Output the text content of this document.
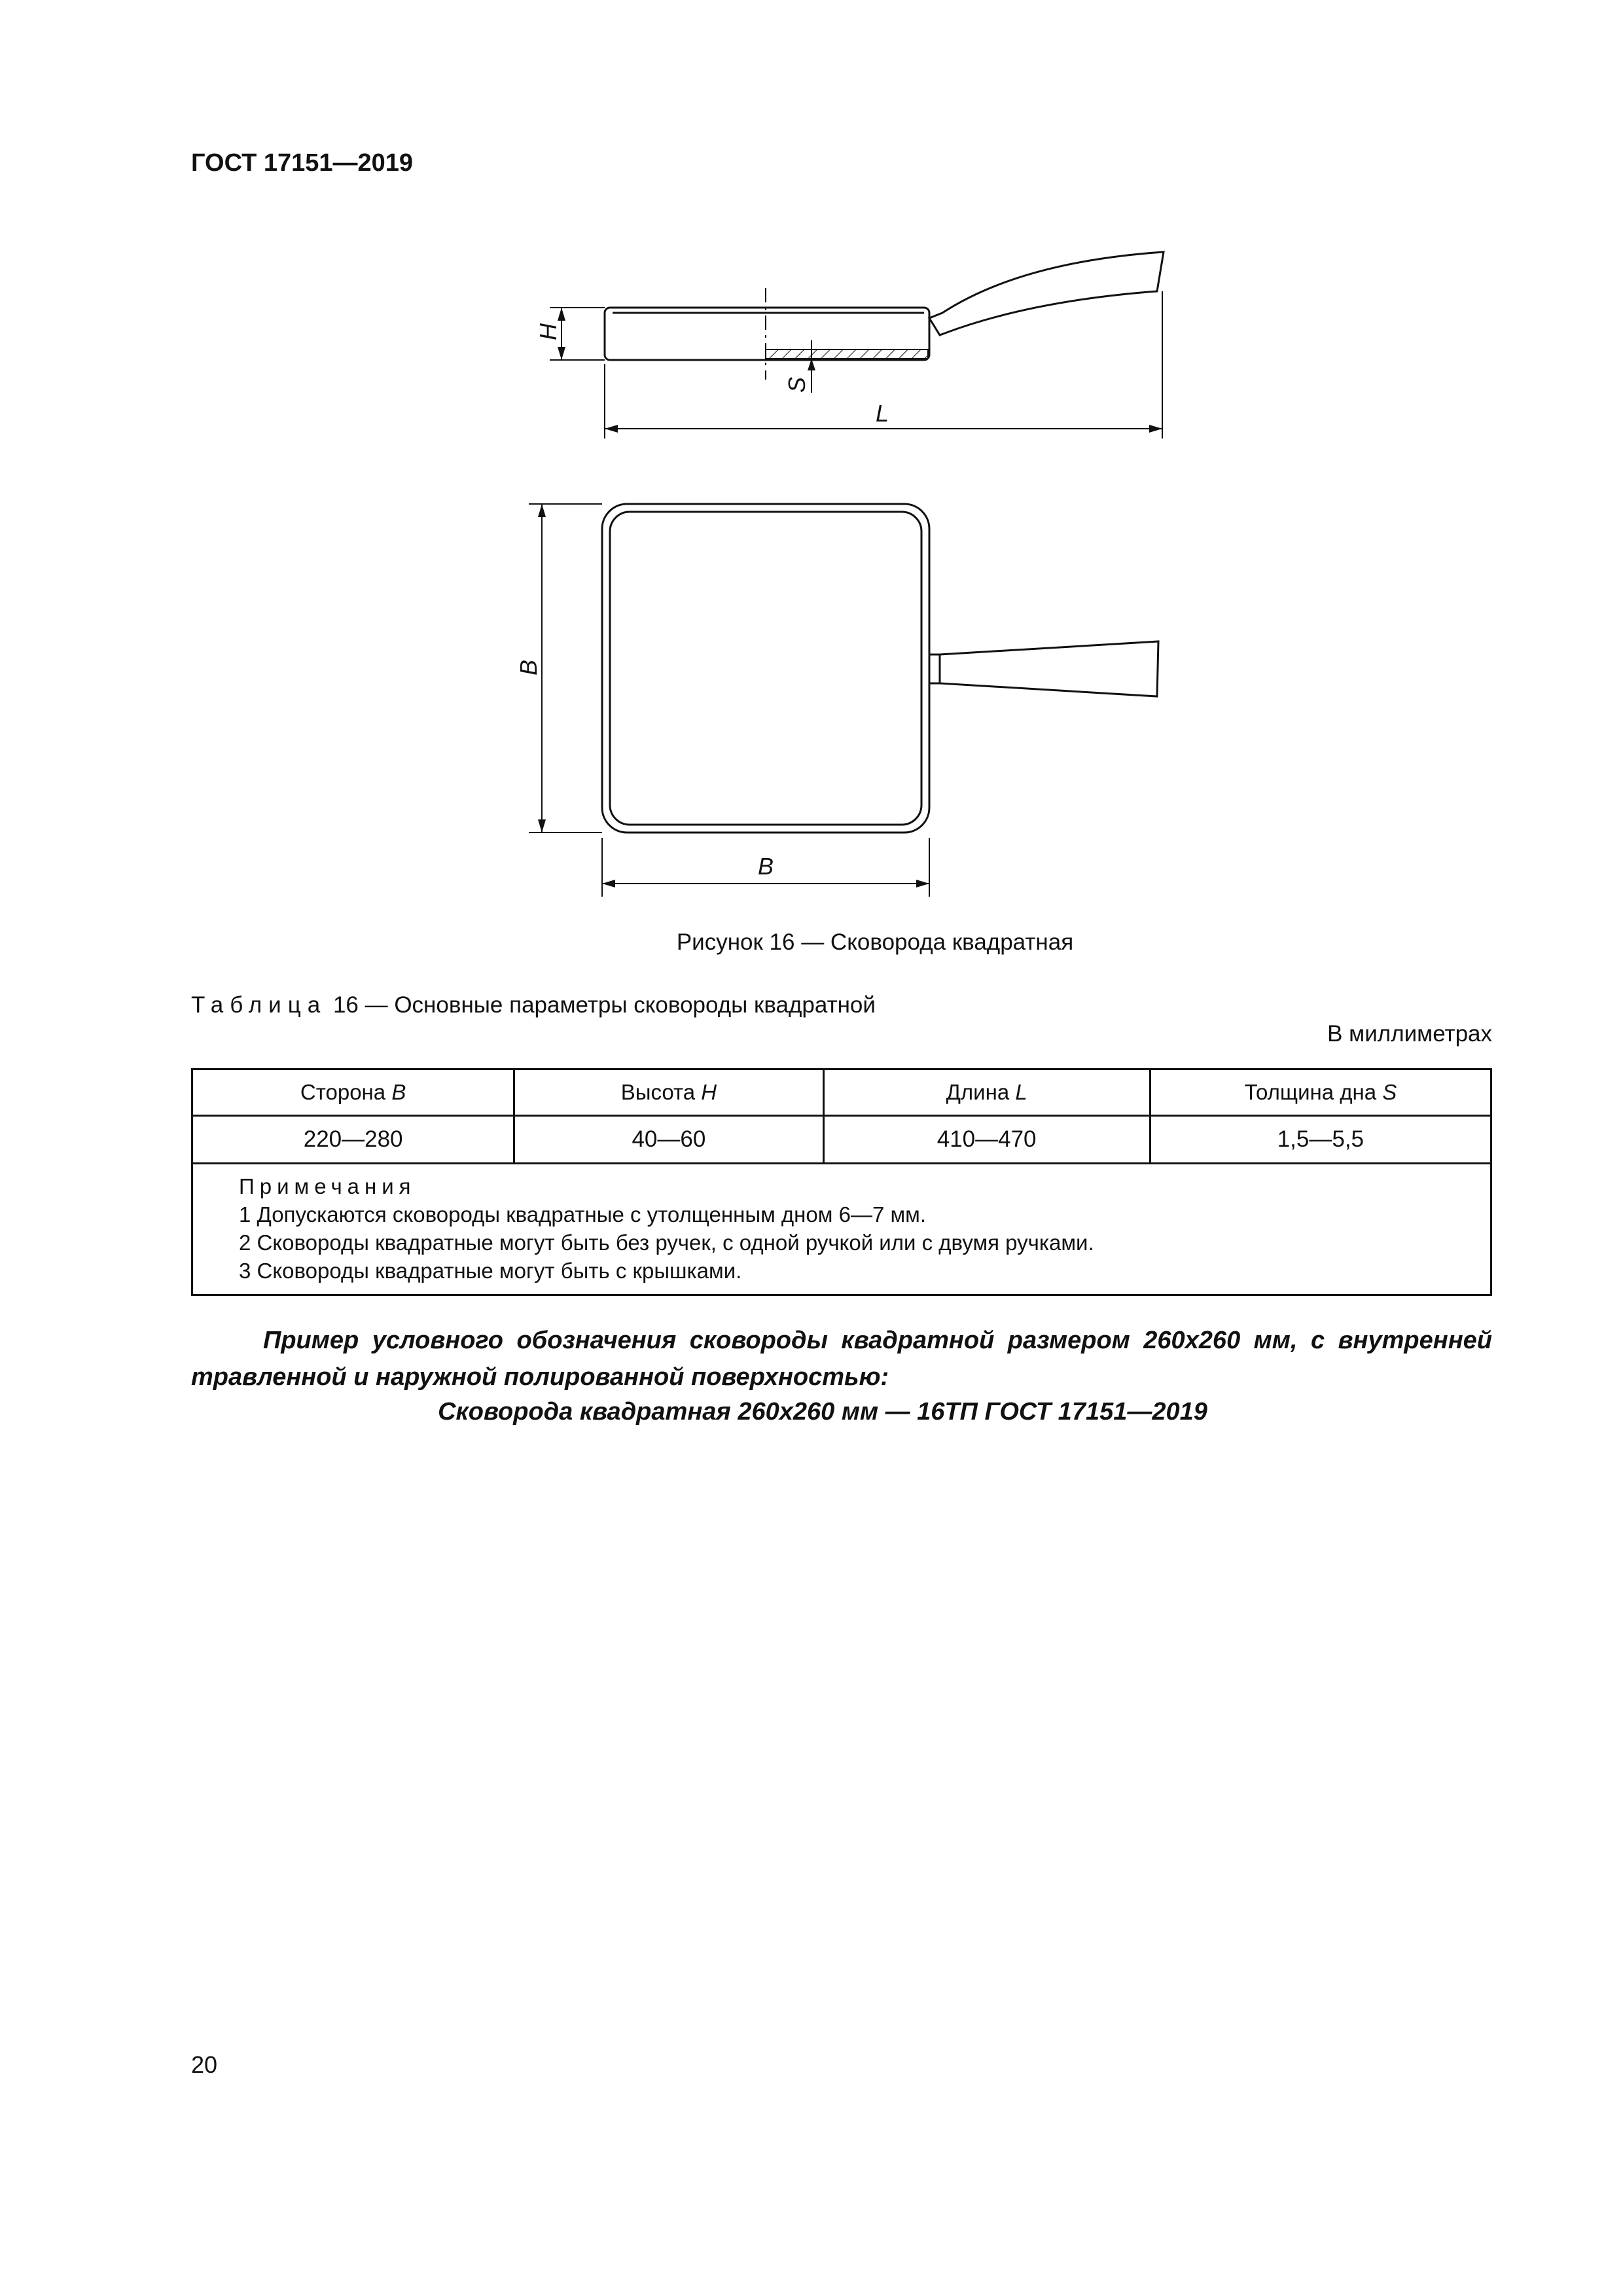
ГОСТ 17151—2019
H
S
L
B
B
Рисунок 16 — Сковорода квадратная
Таблица 16 — Основные параметры сковороды квадратной
В миллиметрах
Сторона B	Высота H	Длина L	Толщина дна S
220—280	40—60	410—470	1,5—5,5

Примечания
1 Допускаются сковороды квадратные с утолщенным дном 6—7 мм.
2 Сковороды квадратные могут быть без ручек, с одной ручкой или с двумя ручками.
3 Сковороды квадратные могут быть с крышками.			
Пример условного обозначения сковороды квадратной размером 260x260 мм, с внутренней травленной и наружной полированной поверхностью:
Сковорода квадратная 260x260 мм — 16ТП ГОСТ 17151—2019
20
